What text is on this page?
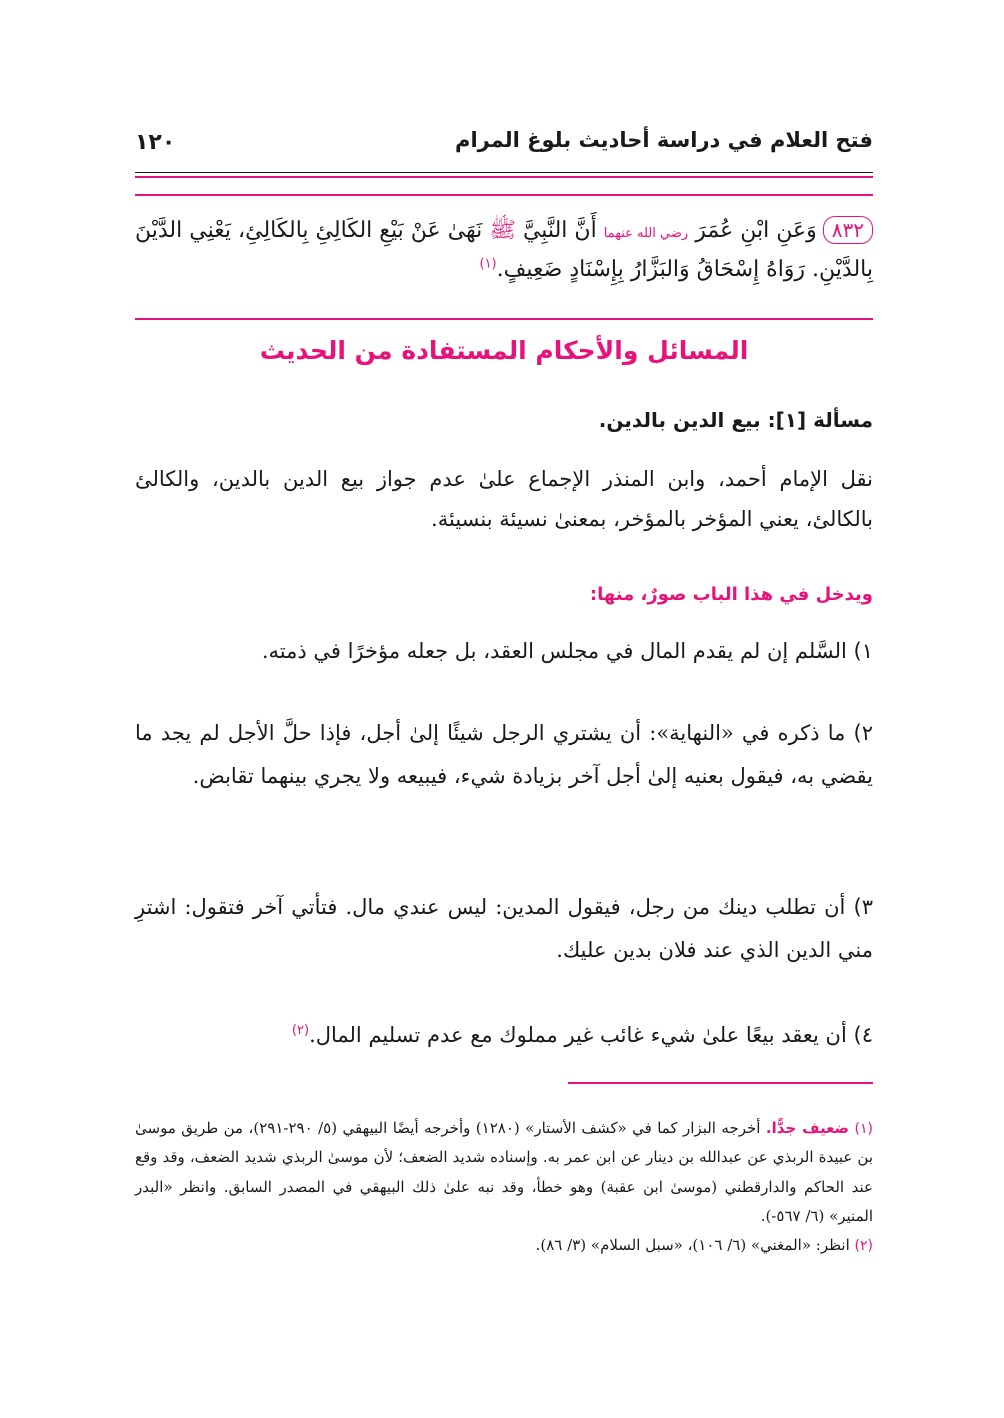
١٢٠	فتح العلام في دراسة أحاديث بلوغ المرام
٨٣٢وَعَنِ ابْنِ عُمَرَ رضي الله عنهما أَنَّ النَّبِيَّ ﷺ نَهَىٰ عَنْ بَيْعِ الكَالِئِ بِالكَالِئِ، يَعْنِي الدَّيْنَ بِالدَّيْنِ. رَوَاهُ إِسْحَاقُ وَالبَزَّارُ بِإِسْنَادٍ ضَعِيفٍ.$^{(١)}$
المسائل والأحكام المستفادة من الحديث
مسألة [١]: بيع الدين بالدين.
نقل الإمام أحمد، وابن المنذر الإجماع علىٰ عدم جواز بيع الدين بالدين، والكالئ بالكالئ، يعني المؤخر بالمؤخر، بمعنىٰ نسيئة بنسيئة.
ويدخل في هذا الباب صورٌ، منها:
١) السَّلم إن لم يقدم المال في مجلس العقد، بل جعله مؤخرًا في ذمته.
٢) ما ذكره في «النهاية»: أن يشتري الرجل شيئًا إلىٰ أجل، فإذا حلَّ الأجل لم يجد ما يقضي به، فيقول بعنيه إلىٰ أجل آخر بزيادة شيء، فيبيعه ولا يجري بينهما تقابض.
٣) أن تطلب دينك من رجل، فيقول المدين: ليس عندي مال. فتأتي آخر فتقول: اشترِ مني الدين الذي عند فلان بدين عليك.
٤) أن يعقد بيعًا علىٰ شيء غائب غير مملوك مع عدم تسليم المال.$^{(٢)}$
(١) ضعيف جدًّا. أخرجه البزار كما في «كشف الأستار» (١٢٨٠) وأخرجه أيضًا البيهقي (٥/ ٢٩٠-٢٩١)، من طريق موسىٰ بن عبيدة الربذي عن عبدالله بن دينار عن ابن عمر به. وإسناده شديد الضعف؛ لأن موسىٰ الربذي شديد الضعف، وقد وقع عند الحاكم والدارقطني (موسىٰ ابن عقبة) وهو خطأ، وقد نبه علىٰ ذلك البيهقي في المصدر السابق. وانظر «البدر المنير» (٦/ ٥٦٧-).
(٢) انظر: «المغني» (٦/ ١٠٦)، «سبل السلام» (٣/ ٨٦).
